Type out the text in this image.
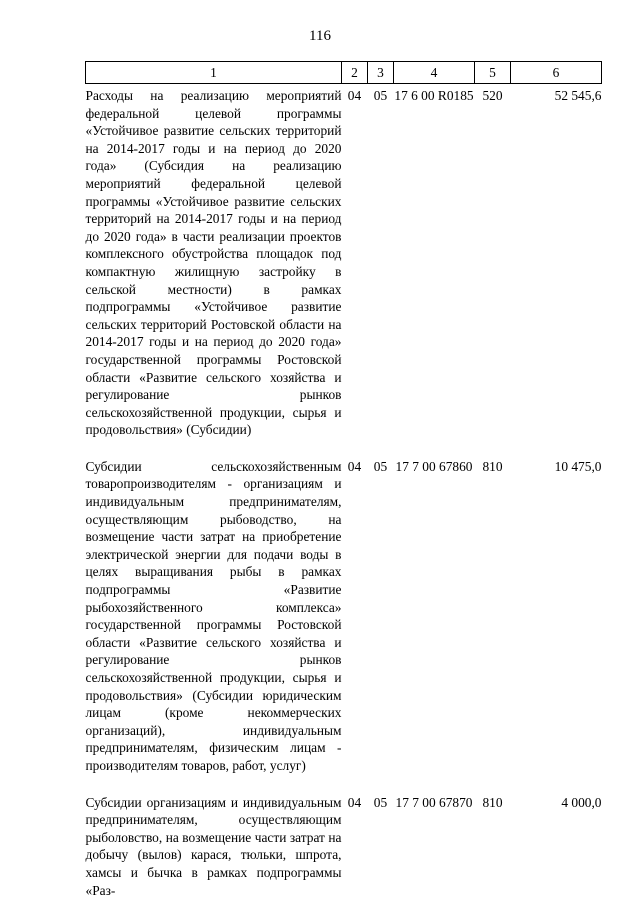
116
1	2	3	4	5	6
Расходы на реализацию мероприятий федеральной целевой программы «Устойчивое развитие сельских территорий на 2014-2017 годы и на период до 2020 года» (Субсидия на реализацию мероприятий федеральной целевой программы «Устойчивое развитие сельских территорий на 2014-2017 годы и на период до 2020 года» в части реализации проектов комплексного обустройства площадок под компактную жилищную застройку в сельской местности) в рамках подпрограммы «Устойчивое развитие сельских территорий Ростовской области на 2014-2017 годы и на период до 2020 года» государственной программы Ростовской области «Развитие сельского хозяйства и регулирование рынков сельскохозяйственной продукции, сырья и продовольствия» (Субсидии)	04	05	17 6 00 R0185	520	52 545,6

Субсидии сельскохозяйственным товаропроизводителям - организациям и индивидуальным предпринимателям, осуществляющим рыбоводство, на возмещение части затрат на приобретение электрической энергии для подачи воды в целях выращивания рыбы в рамках подпрограммы «Развитие рыбохозяйственного комплекса» государственной программы Ростовской области «Развитие сельского хозяйства и регулирование рынков сельскохозяйственной продукции, сырья и продовольствия» (Субсидии юридическим лицам (кроме некоммерческих организаций), индивидуальным предпринимателям, физическим лицам - производителям товаров, работ, услуг)	04	05	17 7 00 67860	810	10 475,0

Субсидии организациям и индивидуальным предпринимателям, осуществляющим рыболовство, на возмещение части затрат на добычу (вылов) карася, тюльки, шпрота, хамсы и бычка в рамках подпрограммы «Раз-	04	05	17 7 00 67870	810	4 000,0
